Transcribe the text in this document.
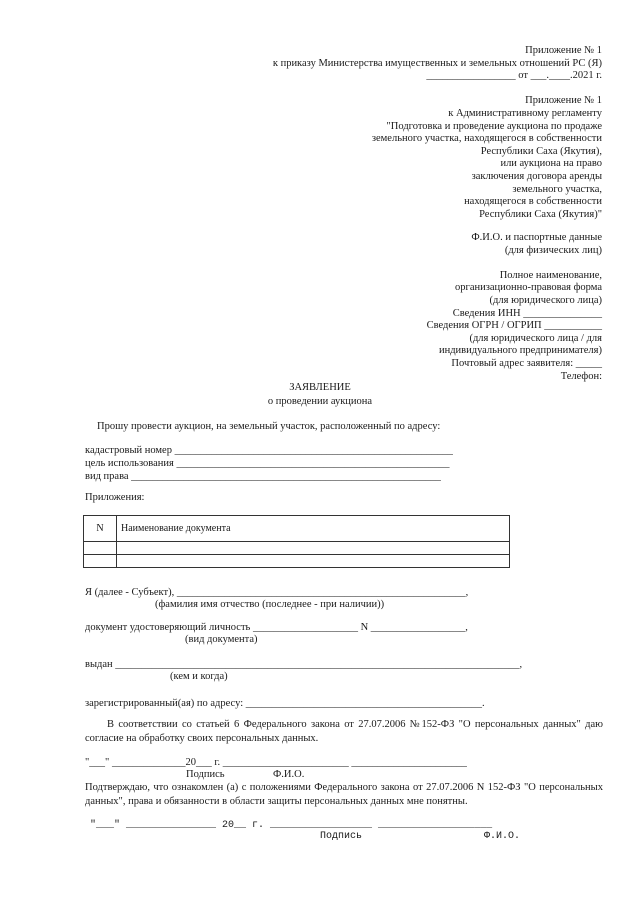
Приложение № 1
к приказу Министерства имущественных и земельных отношений РС (Я)
_________________ от ___.____.2021 г.
Приложение № 1
к Административному регламенту
"Подготовка и проведение аукциона по продаже
земельного участка, находящегося в собственности
Республики Саха (Якутия),
или аукциона на право
заключения договора аренды
земельного участка,
находящегося в собственности
Республики Саха (Якутия)"
Ф.И.О. и паспортные данные
(для физических лиц)
Полное наименование,
организационно-правовая форма
(для юридического лица)
Сведения ИНН _______________
Сведения ОГРН / ОГРИП ___________
(для юридического лица / для
индивидуального предпринимателя)
Почтовый адрес заявителя: _____
Телефон:
ЗАЯВЛЕНИЕ
о проведении аукциона
Прошу провести аукцион, на земельный участок, расположенный по адресу:
кадастровый номер _____________________________________________________
цель использования ____________________________________________________
вид права ___________________________________________________________
Приложения:
N	Наименование документа

Я (далее - Субъект), _______________________________________________________,
(фамилия имя отчество (последнее - при наличии))
документ удостоверяющий личность ____________________ N __________________,
(вид документа)
выдан _____________________________________________________________________________,
(кем и когда)
зарегистрированный(ая) по адресу: _____________________________________________.
В соответствии со статьей 6 Федерального закона от 27.07.2006 №152-ФЗ "О персональных данных" даю согласие на обработку своих персональных данных.
"___" ______________20___ г. ________________________ ______________________
Подпись	Ф.И.О.
Подтверждаю, что ознакомлен (а) с положениями Федерального закона от 27.07.2006 N 152-ФЗ "О персональных данных", права и обязанности в области защиты персональных данных мне понятны.
"___" _______________ 20__ г. _________________ ___________________
Подпись	Ф.И.О.
